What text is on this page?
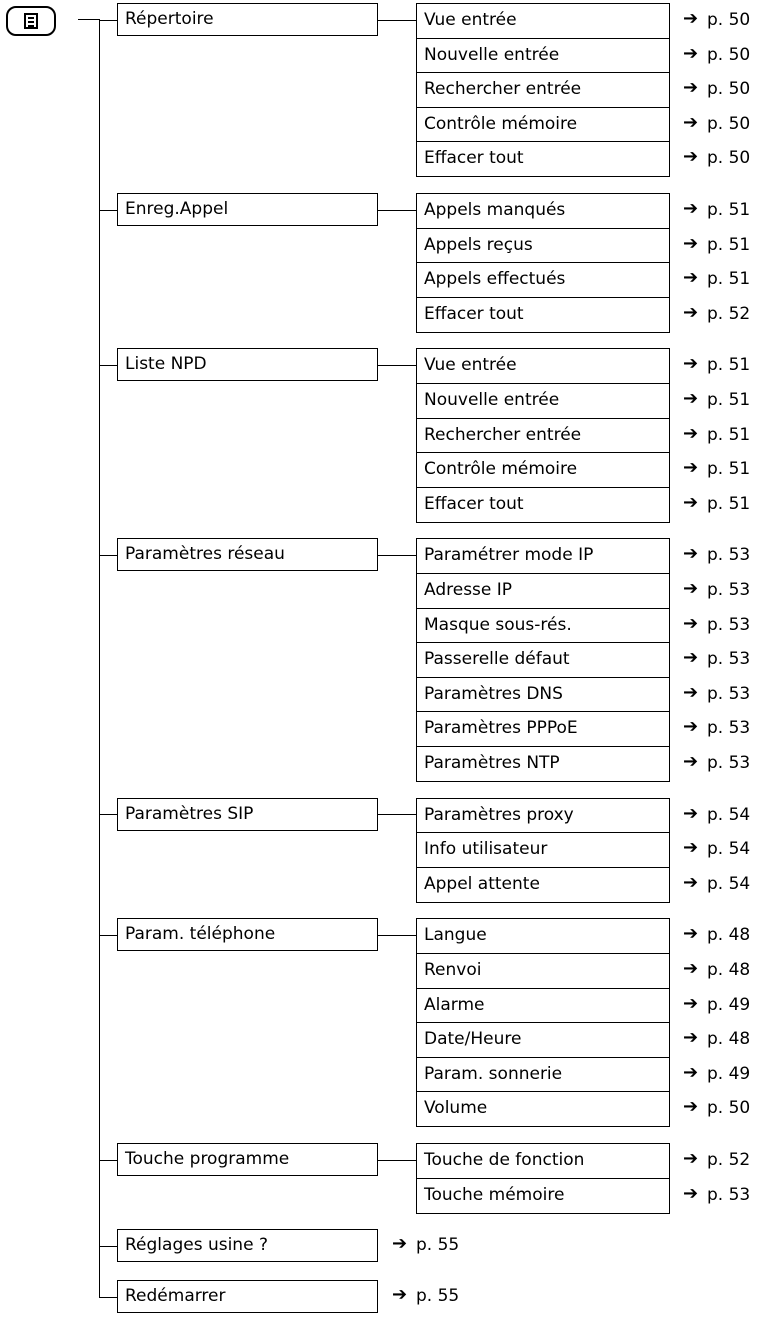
Répertoire	Vue entrée	➔ p. 50
Nouvelle entrée	➔ p. 50
Rechercher entrée	➔ p. 50
Contrôle mémoire	➔ p. 50
Effacer tout	➔ p. 50
Enreg.Appel	Appels manqués	➔ p. 51
Appels reçus	➔ p. 51
Appels effectués	➔ p. 51
Effacer tout	➔ p. 52
Liste NPD	Vue entrée	➔ p. 51
Nouvelle entrée	➔ p. 51
Rechercher entrée	➔ p. 51
Contrôle mémoire	➔ p. 51
Effacer tout	➔ p. 51
Paramètres réseau	Paramétrer mode IP	➔ p. 53
Adresse IP	➔ p. 53
Masque sous-rés.	➔ p. 53
Passerelle défaut	➔ p. 53
Paramètres DNS	➔ p. 53
Paramètres PPPoE	➔ p. 53
Paramètres NTP	➔ p. 53
Paramètres SIP	Paramètres proxy	➔ p. 54
Info utilisateur	➔ p. 54
Appel attente	➔ p. 54
Param. téléphone	Langue	➔ p. 48
Renvoi	➔ p. 48
Alarme	➔ p. 49
Date/Heure	➔ p. 48
Param. sonnerie	➔ p. 49
Volume	➔ p. 50
Touche programme	Touche de fonction	➔ p. 52
Touche mémoire	➔ p. 53
Réglages usine ?	➔ p. 55
Redémarrer	➔ p. 55
